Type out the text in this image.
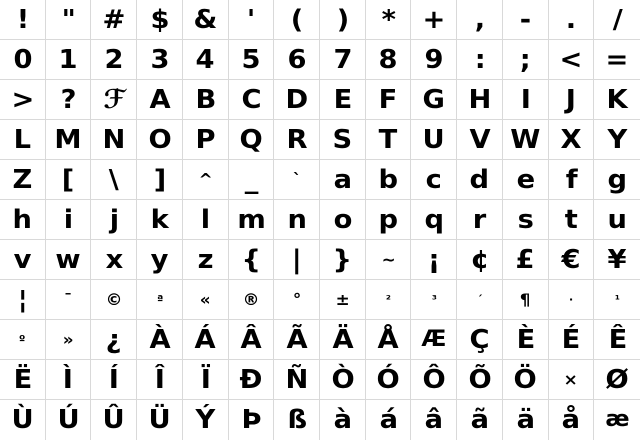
! " # $ & ' ( ) * + , - . /
0 1 2 3 4 5 6 7 8 9 : ; < =
> ? ℱ A B C D E F G H I J K
L M N O P Q R S T U V W X Y
Z [ \ ] ^ _ ` a b c d e f g
h i j k l m n o p q r s t u
v w x y z { | } ~ ¡ ¢ £ € ¥
¦ ¯ ©	ª « ® ° ±	²	³	´ ¶	·	¹
º » ¿ À Á Â Ã Ä Å Æ Ç È É Ê
Ë Ì Í Î Ï Ð Ñ Ò Ó Ô Õ Ö × Ø
Ù Ú Û Ü Ý Þ ß à á â ã ä å æ
